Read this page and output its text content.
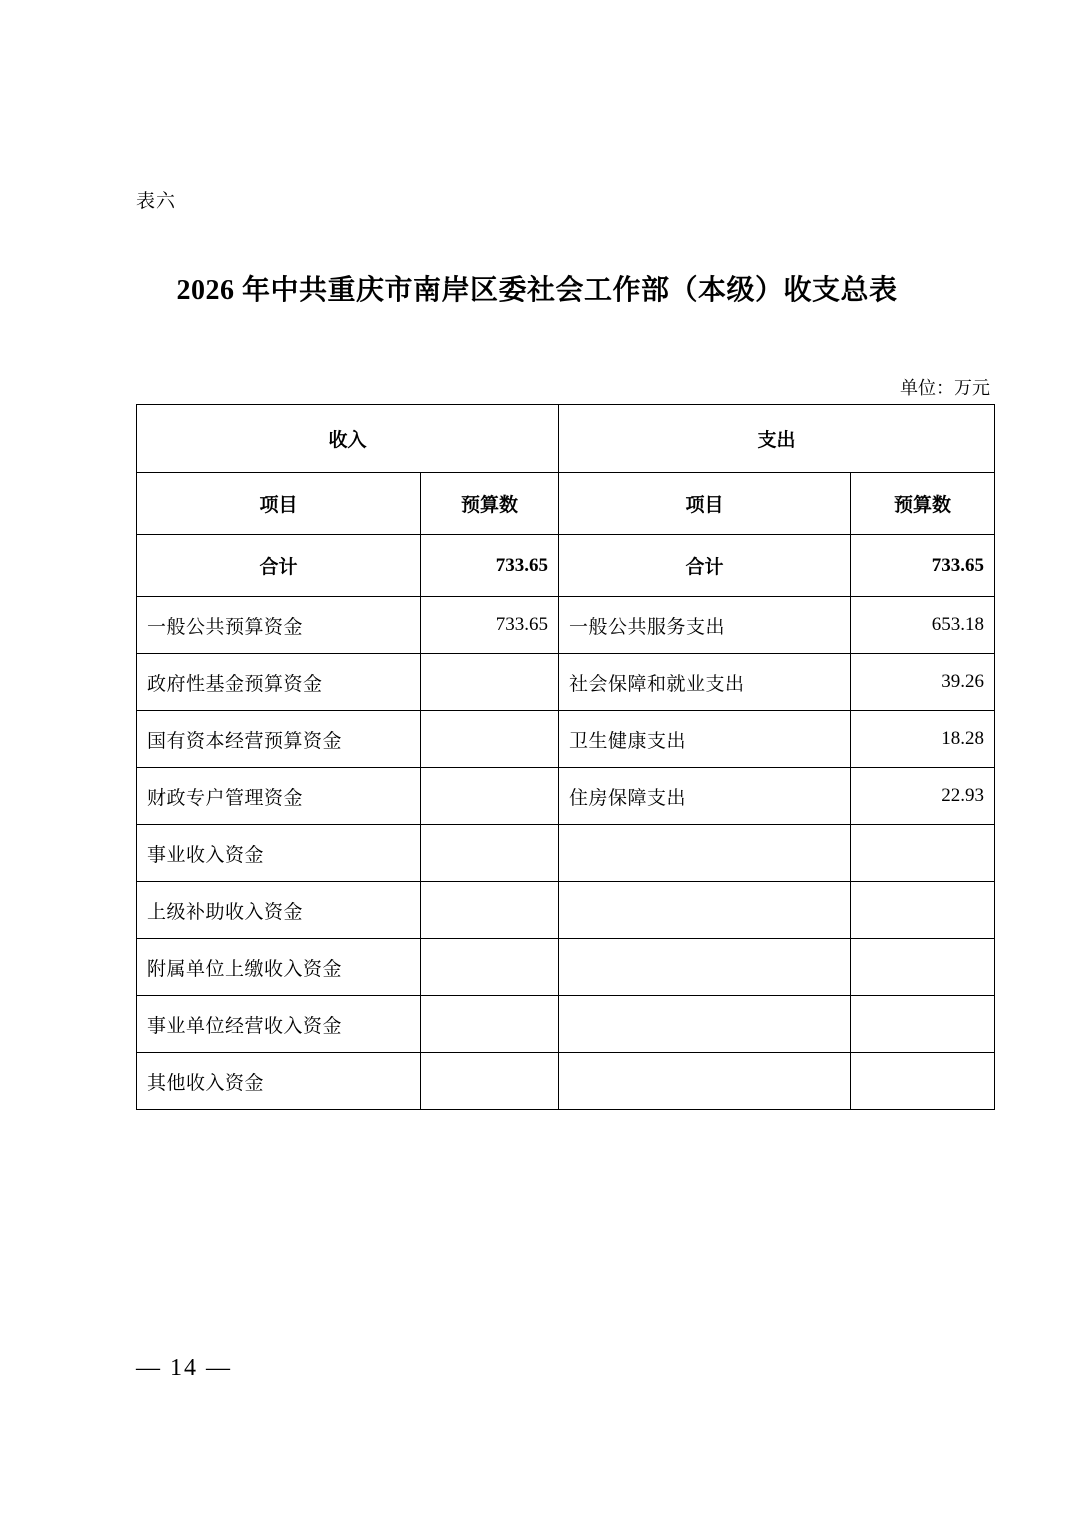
表六
2026 年中共重庆市南岸区委社会工作部（本级）收支总表
单位：万元
收入		支出	
项目	预算数	项目	预算数
合计	733.65	合计	733.65
一般公共预算资金	733.65	一般公共服务支出	653.18
政府性基金预算资金		社会保障和就业支出	39.26
国有资本经营预算资金		卫生健康支出	18.28
财政专户管理资金		住房保障支出	22.93
事业收入资金			
上级补助收入资金			
附属单位上缴收入资金			
事业单位经营收入资金			
其他收入资金			
— 14 —
